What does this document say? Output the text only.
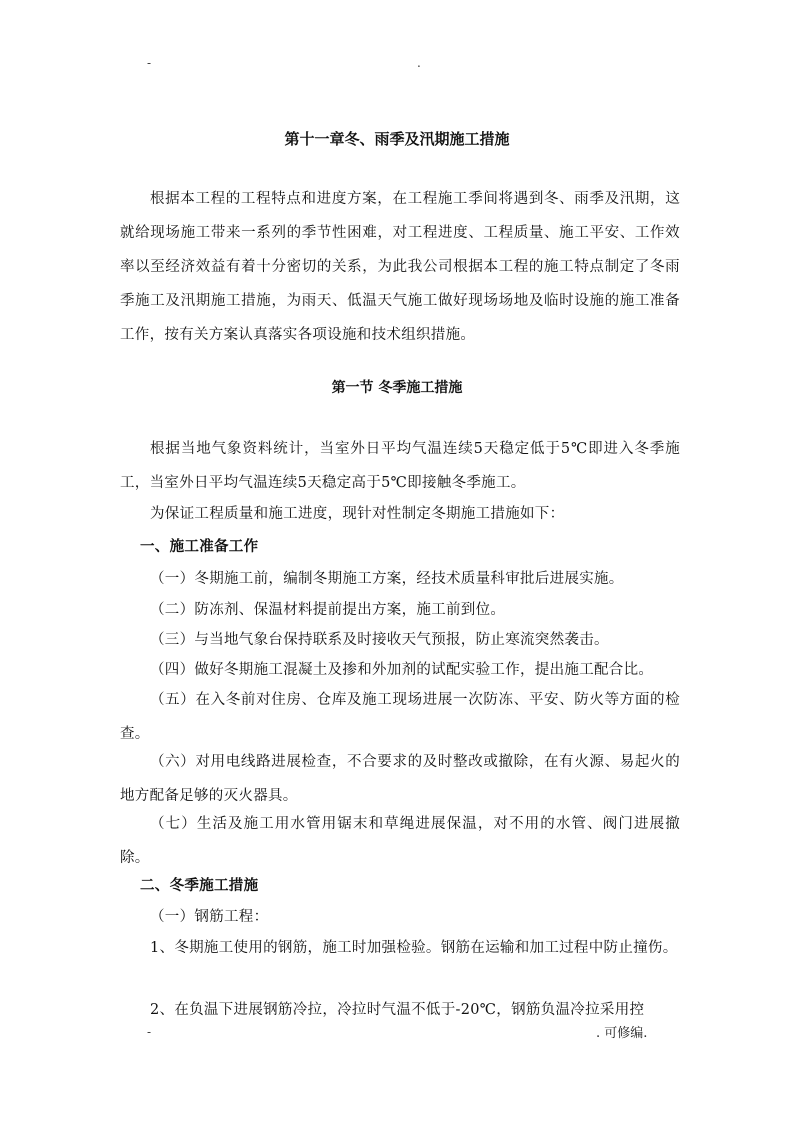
-	.
第十一章冬、雨季及汛期施工措施
根据本工程的工程特点和进度方案，在工程施工季间将遇到冬、雨季及汛期，这就给现场施工带来一系列的季节性困难，对工程进度、工程质量、施工平安、工作效率以至经济效益有着十分密切的关系，为此我公司根据本工程的施工特点制定了冬雨季施工及汛期施工措施，为雨天、低温天气施工做好现场场地及临时设施的施工准备工作，按有关方案认真落实各项设施和技术组织措施。
第一节 冬季施工措施
根据当地气象资料统计，当室外日平均气温连续5天稳定低于5℃即进入冬季施工，当室外日平均气温连续5天稳定高于5℃即接触冬季施工。
为保证工程质量和施工进度，现针对性制定冬期施工措施如下：
一、施工准备工作
（一）冬期施工前，编制冬期施工方案，经技术质量科审批后进展实施。
（二）防冻剂、保温材料提前提出方案，施工前到位。
（三）与当地气象台保持联系及时接收天气预报，防止寒流突然袭击。
（四）做好冬期施工混凝土及掺和外加剂的试配实验工作，提出施工配合比。
（五）在入冬前对住房、仓库及施工现场进展一次防冻、平安、防火等方面的检查。
（六）对用电线路进展检查，不合要求的及时整改或撤除，在有火源、易起火的地方配备足够的灭火器具。
（七）生活及施工用水管用锯末和草绳进展保温，对不用的水管、阀门进展撤除。
二、冬季施工措施
（一）钢筋工程：
1、冬期施工使用的钢筋，施工时加强检验。钢筋在运输和加工过程中防止撞伤。
2、在负温下进展钢筋冷拉，冷拉时气温不低于-20℃，钢筋负温冷拉采用控
-	. 可修编.
